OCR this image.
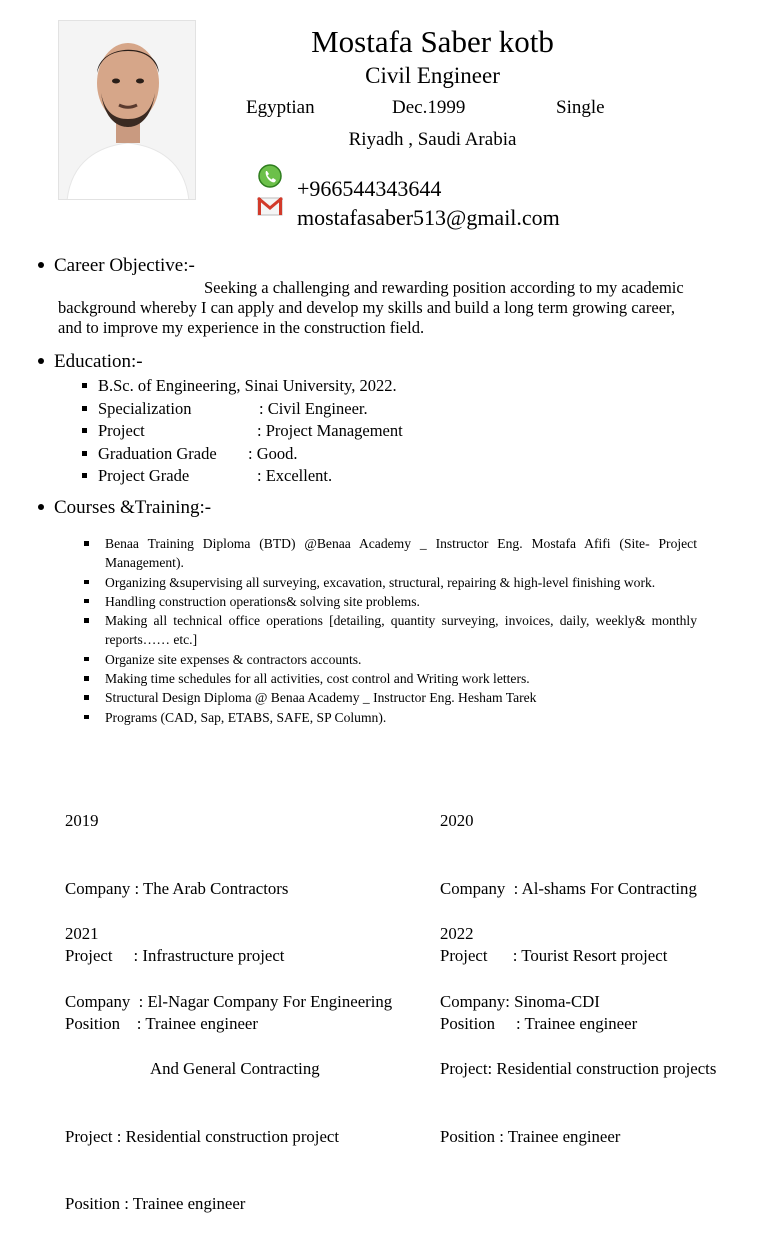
Mostafa Saber kotb
Civil Engineer
Egyptian	Dec.1999	Single
Riyadh , Saudi Arabia
+966544343644
mostafasaber513@gmail.com
Career Objective:-
Seeking a challenging and rewarding position according to my academic background whereby I can apply and develop my skills and build a long term growing career, and to improve my experience in the construction field.
Education:-
B.Sc. of Engineering, Sinai University, 2022.
Specialization	: Civil Engineer.
Project	: Project Management
Graduation Grade : Good.
Project Grade	: Excellent.
Courses &Training:-
Benaa Training Diploma (BTD) @Benaa Academy _ Instructor Eng. Mostafa Afifi (Site- Project Management).
Organizing &supervising all surveying, excavation, structural, repairing & high-level finishing work.
Handling construction operations& solving site problems.
Making all technical office operations [detailing, quantity surveying, invoices, daily, weekly& monthly reports…… etc.]
Organize site expenses & contractors accounts.
Making time schedules for all activities, cost control and Writing work letters.
Structural Design Diploma @ Benaa Academy _ Instructor Eng. Hesham Tarek
Programs (CAD, Sap, ETABS, SAFE, SP Column).

2019

Company : The Arab Contractors

Project     : Infrastructure project

Position    : Trainee engineer

2020

Company  : Al-shams For Contracting

Project      : Tourist Resort project

Position     : Trainee engineer

2021

Company  : El-Nagar Company For Engineering

And General Contracting

Project : Residential construction project

Position : Trainee engineer

2022

Company: Sinoma-CDI

Project: Residential construction projects

Position : Trainee engineer
